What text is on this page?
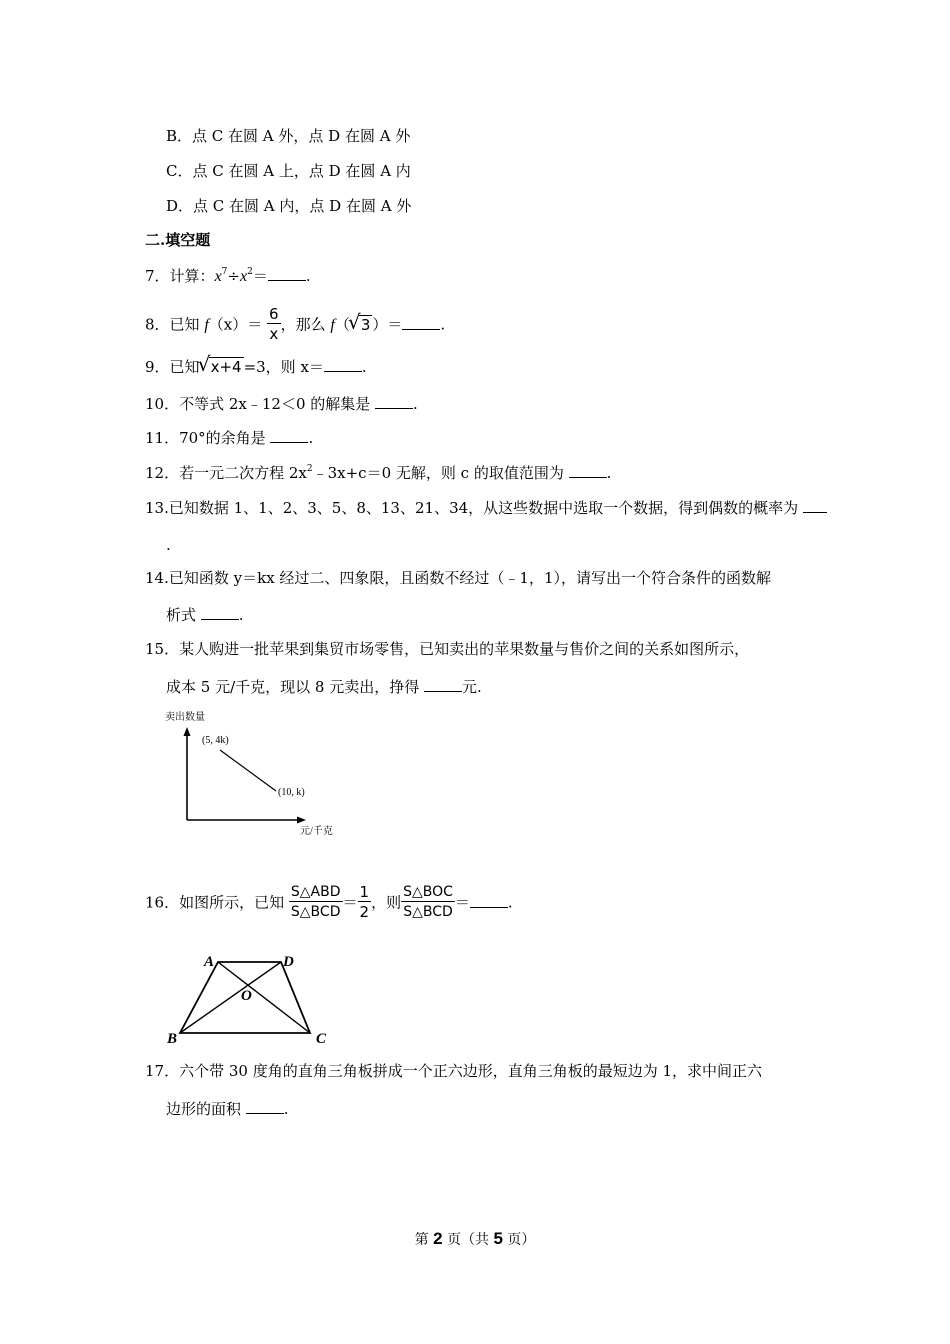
B．点 C 在圆 A 外，点 D 在圆 A 外
C．点 C 在圆 A 上，点 D 在圆 A 内
D．点 C 在圆 A 内，点 D 在圆 A 外
二.填空题
7．计算：$x^7\div x^2=$	.
8．已知 $f(x)= \frac{6}{x}$ ，那么 f（
√ 3 ）＝	.
9．已知
√ x+4 =3，则 x＝	.
10．不等式 2x﹣12＜0 的解集是	.
11．70°的余角是	.
12．若一元二次方程 $2x^2﹣3x+c=0$ 无解，则 c 的取值范围为	.
13.已知数据 1、1、2、3、5、8、13、21、34，从这些数据中选取一个数据，得到偶数的概率为
.
14.已知函数 y＝kx 经过二、四象限，且函数不经过（﹣1，1），请写出一个符合条件的函数解
析式	.
15．某人购进一批苹果到集贸市场零售，已知卖出的苹果数量与售价之间的关系如图所示，
成本 5 元/千克，现以 8 元卖出，挣得	元.
卖出数量
(5, 4k)
(10, k)
元/千克
16．如图所示，已知 $\frac{\text{S△ABD}}{\text{S△BCD}} = \frac{1}{2}$ ，则 $\frac{\text{S△BOC}}{\text{S△BCD}}$ ＝	.
A	D
B	C
O
17．六个带 30 度角的直角三角板拼成一个正六边形，直角三角板的最短边为 1，求中间正六
边形的面积	.
第 2 页（共 5 页）
